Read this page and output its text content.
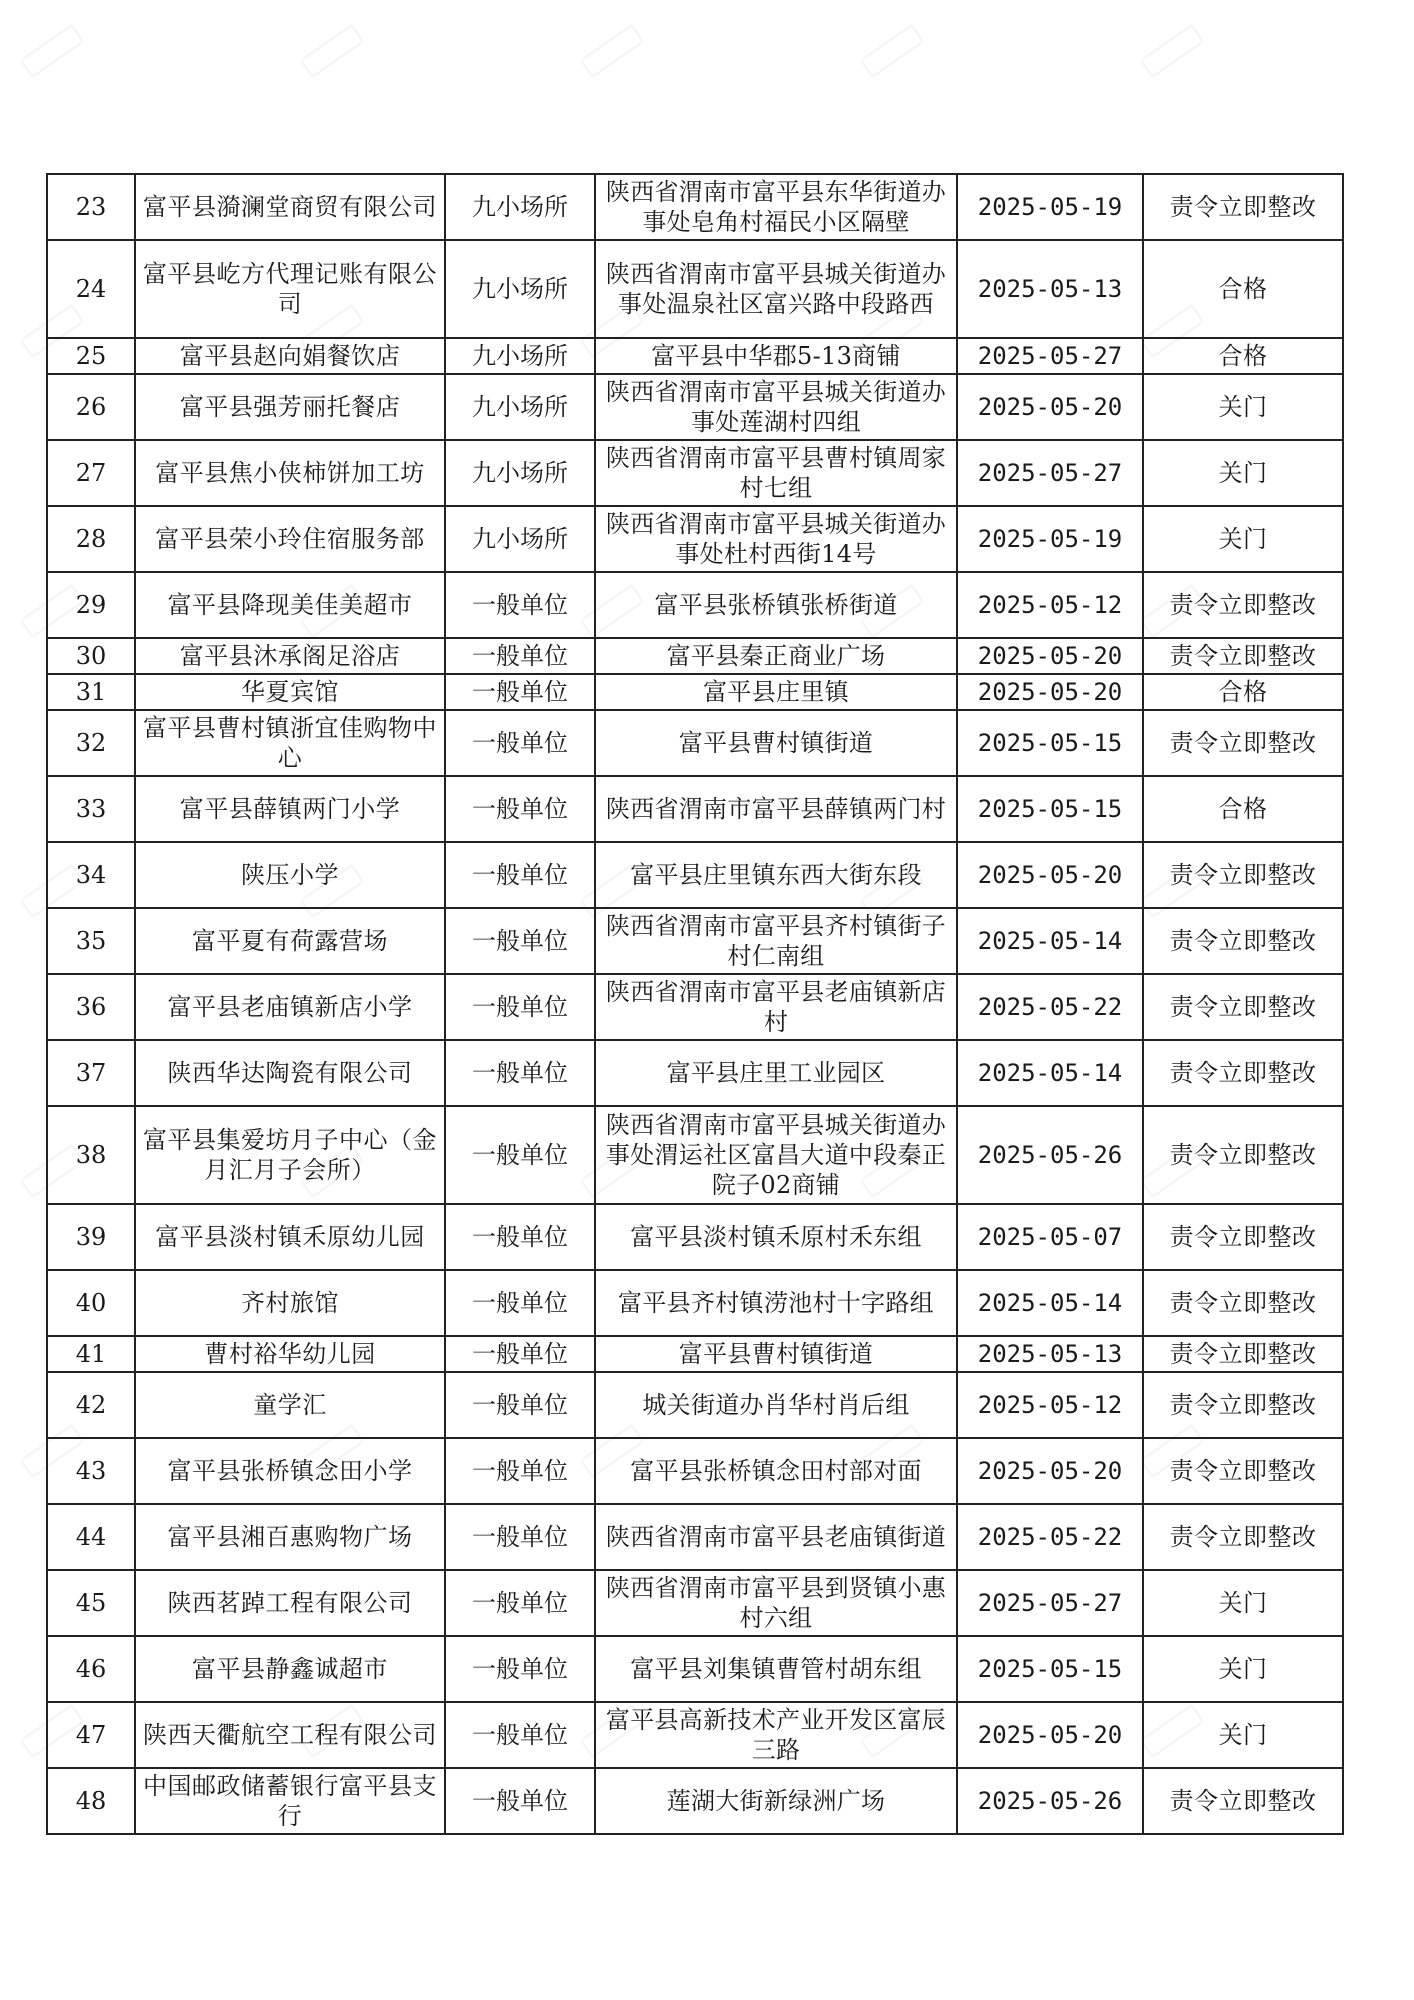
23	富平县漪澜堂商贸有限公司	九小场所	陕西省渭南市富平县东华街道办事处皂角村福民小区隔壁	2025-05-19	责令立即整改
24	富平县屹方代理记账有限公司	九小场所	陕西省渭南市富平县城关街道办事处温泉社区富兴路中段路西	2025-05-13	合格
25	富平县赵向娟餐饮店	九小场所	富平县中华郡5-13商铺	2025-05-27	合格
26	富平县强芳丽托餐店	九小场所	陕西省渭南市富平县城关街道办事处莲湖村四组	2025-05-20	关门
27	富平县焦小侠柿饼加工坊	九小场所	陕西省渭南市富平县曹村镇周家村七组	2025-05-27	关门
28	富平县荣小玲住宿服务部	九小场所	陕西省渭南市富平县城关街道办事处杜村西街14号	2025-05-19	关门
29	富平县降现美佳美超市	一般单位	富平县张桥镇张桥街道	2025-05-12	责令立即整改
30	富平县沐承阁足浴店	一般单位	富平县秦正商业广场	2025-05-20	责令立即整改
31	华夏宾馆	一般单位	富平县庄里镇	2025-05-20	合格
32	富平县曹村镇浙宜佳购物中心	一般单位	富平县曹村镇街道	2025-05-15	责令立即整改
33	富平县薛镇两门小学	一般单位	陕西省渭南市富平县薛镇两门村	2025-05-15	合格
34	陕压小学	一般单位	富平县庄里镇东西大街东段	2025-05-20	责令立即整改
35	富平夏有荷露营场	一般单位	陕西省渭南市富平县齐村镇街子村仁南组	2025-05-14	责令立即整改
36	富平县老庙镇新店小学	一般单位	陕西省渭南市富平县老庙镇新店村	2025-05-22	责令立即整改
37	陕西华达陶瓷有限公司	一般单位	富平县庄里工业园区	2025-05-14	责令立即整改
38	富平县集爱坊月子中心（金月汇月子会所）	一般单位	陕西省渭南市富平县城关街道办事处渭运社区富昌大道中段秦正院子02商铺	2025-05-26	责令立即整改
39	富平县淡村镇禾原幼儿园	一般单位	富平县淡村镇禾原村禾东组	2025-05-07	责令立即整改
40	齐村旅馆	一般单位	富平县齐村镇涝池村十字路组	2025-05-14	责令立即整改
41	曹村裕华幼儿园	一般单位	富平县曹村镇街道	2025-05-13	责令立即整改
42	童学汇	一般单位	城关街道办肖华村肖后组	2025-05-12	责令立即整改
43	富平县张桥镇念田小学	一般单位	富平县张桥镇念田村部对面	2025-05-20	责令立即整改
44	富平县湘百惠购物广场	一般单位	陕西省渭南市富平县老庙镇街道	2025-05-22	责令立即整改
45	陕西茗踔工程有限公司	一般单位	陕西省渭南市富平县到贤镇小惠村六组	2025-05-27	关门
46	富平县静鑫诚超市	一般单位	富平县刘集镇曹管村胡东组	2025-05-15	关门
47	陕西天衢航空工程有限公司	一般单位	富平县高新技术产业开发区富辰三路	2025-05-20	关门
48	中国邮政储蓄银行富平县支行	一般单位	莲湖大街新绿洲广场	2025-05-26	责令立即整改
